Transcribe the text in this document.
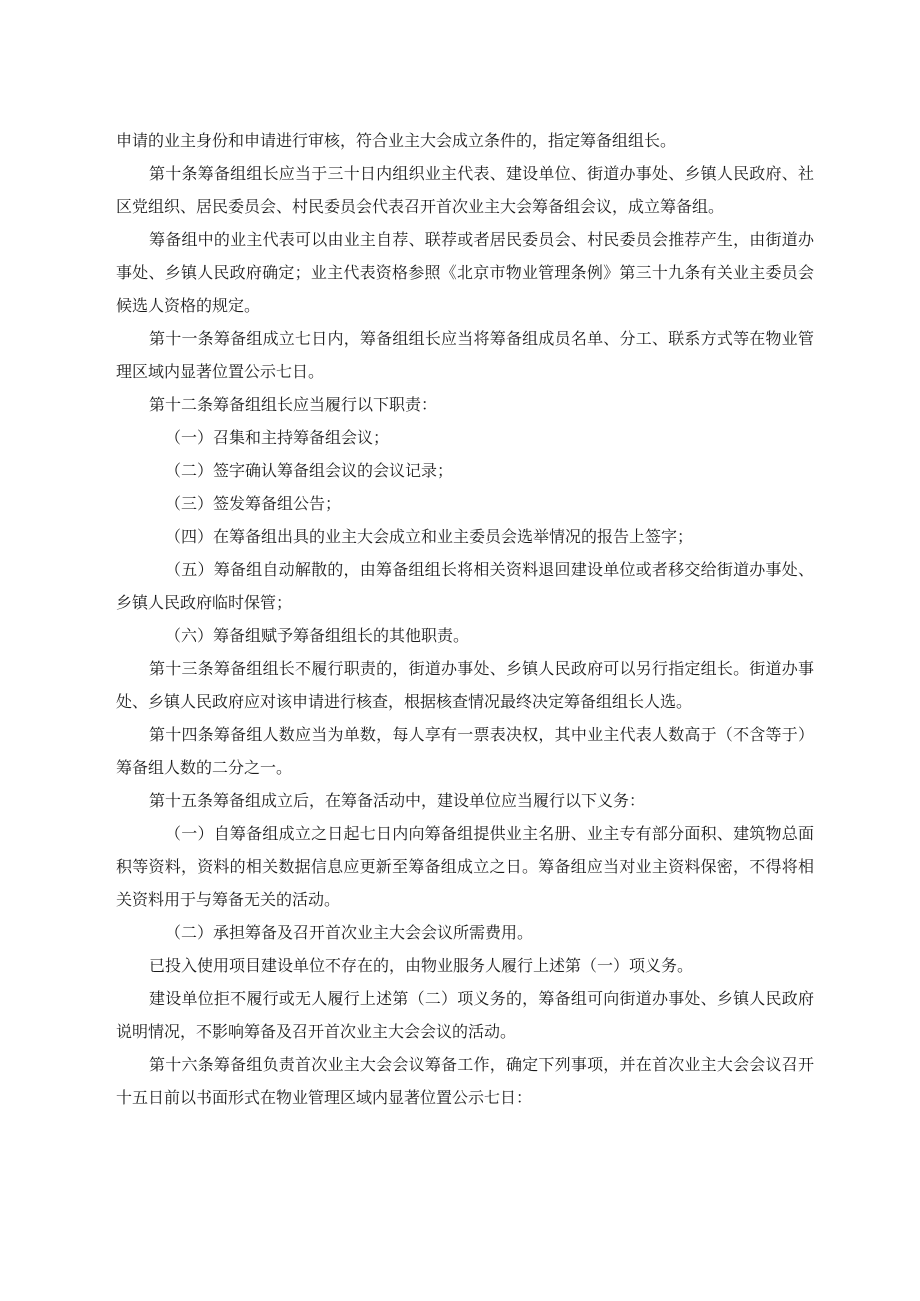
申请的业主身份和申请进行审核，符合业主大会成立条件的，指定筹备组组长。

第十条筹备组组长应当于三十日内组织业主代表、建设单位、街道办事处、乡镇人民政府、社区党组织、居民委员会、村民委员会代表召开首次业主大会筹备组会议，成立筹备组。

筹备组中的业主代表可以由业主自荐、联荐或者居民委员会、村民委员会推荐产生，由街道办事处、乡镇人民政府确定；业主代表资格参照《北京市物业管理条例》第三十九条有关业主委员会候选人资格的规定。

第十一条筹备组成立七日内，筹备组组长应当将筹备组成员名单、分工、联系方式等在物业管理区域内显著位置公示七日。

第十二条筹备组组长应当履行以下职责：

（一）召集和主持筹备组会议；

（二）签字确认筹备组会议的会议记录；

（三）签发筹备组公告；

（四）在筹备组出具的业主大会成立和业主委员会选举情况的报告上签字；

（五）筹备组自动解散的，由筹备组组长将相关资料退回建设单位或者移交给街道办事处、乡镇人民政府临时保管；

（六）筹备组赋予筹备组组长的其他职责。

第十三条筹备组组长不履行职责的，街道办事处、乡镇人民政府可以另行指定组长。街道办事处、乡镇人民政府应对该申请进行核查，根据核查情况最终决定筹备组组长人选。

第十四条筹备组人数应当为单数，每人享有一票表决权，其中业主代表人数高于（不含等于）筹备组人数的二分之一。

第十五条筹备组成立后，在筹备活动中，建设单位应当履行以下义务：

（一）自筹备组成立之日起七日内向筹备组提供业主名册、业主专有部分面积、建筑物总面积等资料，资料的相关数据信息应更新至筹备组成立之日。筹备组应当对业主资料保密，不得将相关资料用于与筹备无关的活动。

（二）承担筹备及召开首次业主大会会议所需费用。

已投入使用项目建设单位不存在的，由物业服务人履行上述第（一）项义务。

建设单位拒不履行或无人履行上述第（二）项义务的，筹备组可向街道办事处、乡镇人民政府说明情况，不影响筹备及召开首次业主大会会议的活动。

第十六条筹备组负责首次业主大会会议筹备工作，确定下列事项，并在首次业主大会会议召开十五日前以书面形式在物业管理区域内显著位置公示七日：
